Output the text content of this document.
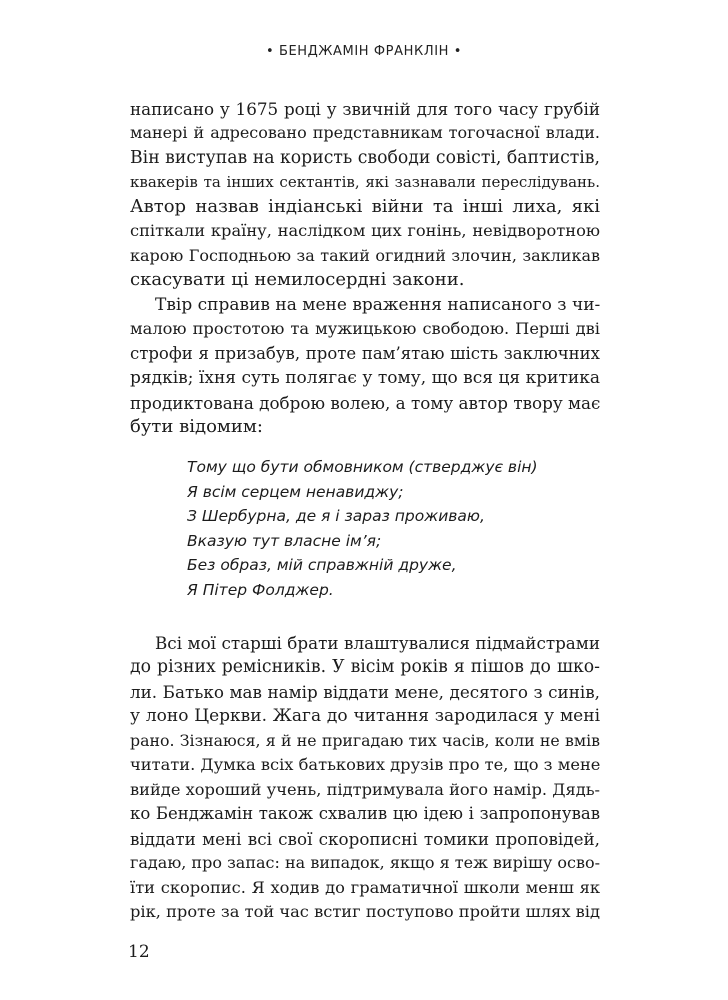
• БЕНДЖАМІН ФРАНКЛІН •
написано у 1675 році у звичній для того часу грубій
манері й адресовано представникам тогочасної влади.
Він виступав на користь свободи совісті, баптистів,
квакерів та інших сектантів, які зазнавали переслідувань.
Автор назвав індіанські війни та інші лиха, які
спіткали країну, наслідком цих гонінь, невідворотною
карою Господньою за такий огидний злочин, закликав
скасувати ці немилосердні закони.
Твір справив на мене враження написаного з чи-
малою простотою та мужицькою свободою. Перші дві
строфи я призабув, проте пам’ятаю шість заключних
рядків; їхня суть полягає у тому, що вся ця критика
продиктована доброю волею, а тому автор твору має
бути відомим:
Тому що бути обмовником (стверджує він)
Я всім серцем ненавиджу;
З Шербурна, де я і зараз проживаю,
Вказую тут власне ім’я;
Без образ, мій справжній друже,
Я Пітер Фолджер.
Всі мої старші брати влаштувалися підмайстрами
до різних ремісників. У вісім років я пішов до шко-
ли. Батько мав намір віддати мене, десятого з синів,
у лоно Церкви. Жага до читання зародилася у мені
рано. Зізнаюся, я й не пригадаю тих часів, коли не вмів
читати. Думка всіх батькових друзів про те, що з мене
вийде хороший учень, підтримувала його намір. Дядь-
ко Бенджамін також схвалив цю ідею і запропонував
віддати мені всі свої скорописні томики проповідей,
гадаю, про запас: на випадок, якщо я теж вирішу осво-
їти скоропис. Я ходив до граматичної школи менш як
рік, проте за той час встиг поступово пройти шлях від
12
